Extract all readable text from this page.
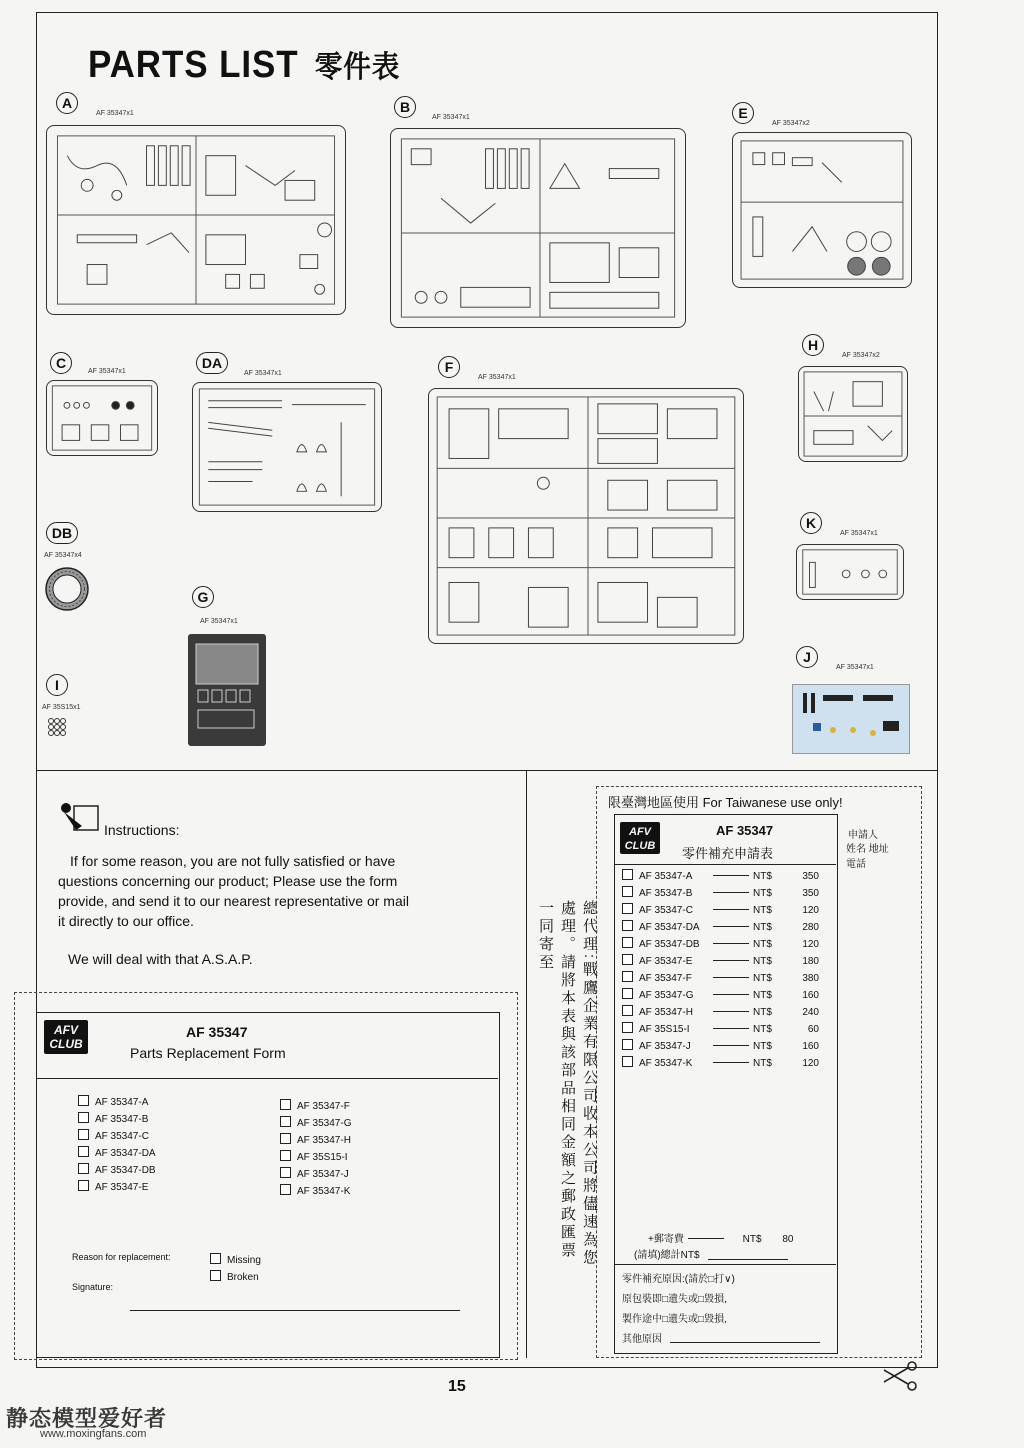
PARTS LIST 零件表
A
AF 35347x1	B
AF 35347x1	E
AF 35347x2
C
AF 35347x1
DA
AF 35347x1	F
AF 35347x1
H
AF 35347x2
DB
AF 35347x4
K
AF 35347x1
G
AF 35347x1
J
AF 35347x1
I
AF 35S15x1
Instructions:

If for some reason, you are not fully satisfied or have

questions concerning our product; Please use the form

provide, and send it to our nearest representative or mail

it directly to our office.

We will deal with that A.S.A.P.

AFV
CLUB
AF 35347
Parts Replacement Form
AF 35347-A
AF 35347-B
AF 35347-C
AF 35347-DA
AF 35347-DB
AF 35347-E
AF 35347-F
AF 35347-G
AF 35347-H
AF 35S15-I
AF 35347-J
AF 35347-K
Reason for replacement:	Missing
Broken
Signature:
總代理:戰鷹企業有限公司收本公司將儘速為您處理。請將本表與該部品相同金額之郵政匯票一同寄至
限臺灣地區使用 For Taiwanese use only!
AFV
CLUB
AF 35347
零件補充申請表
申請人
姓名 地址 電話
AF 35347-A	NT$	350
AF 35347-B	NT$	350
AF 35347-C	NT$	120
AF 35347-DA	NT$	280
AF 35347-DB	NT$	120
AF 35347-E	NT$	180
AF 35347-F	NT$	380
AF 35347-G	NT$	160
AF 35347-H	NT$	240
AF 35S15-I	NT$	60
AF 35347-J	NT$	160
AF 35347-K	NT$	120
+郵寄費	NT$ 80
(請填)總計NT$
零件補充原因:(請於□打∨)
原包裝即□遺失或□毀損,
製作途中□遺失或□毀損,
其他原因
15
静态模型爱好者
www.moxingfans.com
